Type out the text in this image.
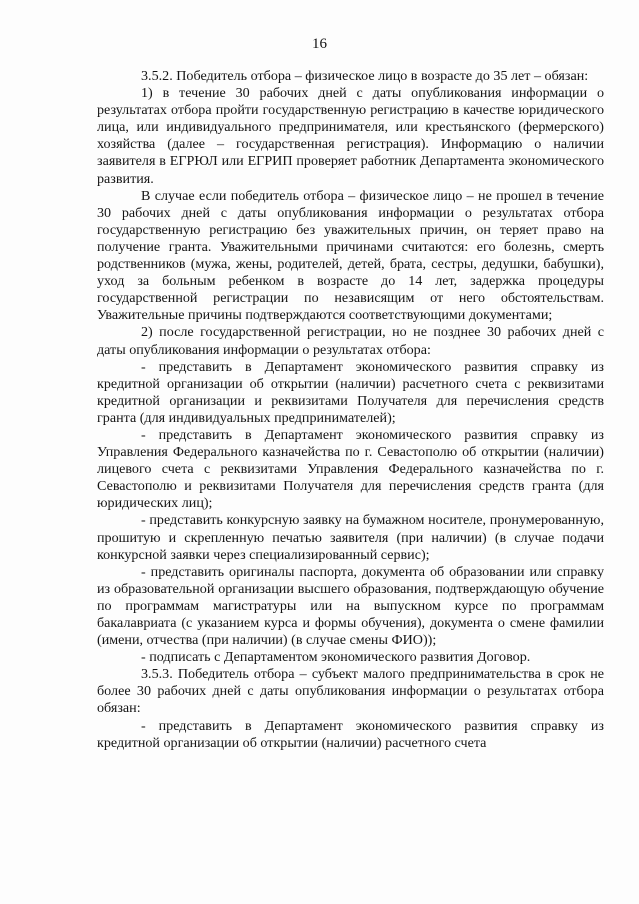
16

3.5.2. Победитель отбора – физическое лицо в возрасте до 35 лет – обязан:

1) в течение 30 рабочих дней с даты опубликования информации о результатах отбора пройти государственную регистрацию в качестве юридического лица, или индивидуального предпринимателя, или крестьянского (фермерского) хозяйства (далее – государственная регистрация). Информацию о наличии заявителя в ЕГРЮЛ или ЕГРИП проверяет работник Департамента экономического развития.

В случае если победитель отбора – физическое лицо – не прошел в течение 30 рабочих дней с даты опубликования информации о результатах отбора государственную регистрацию без уважительных причин, он теряет право на получение гранта. Уважительными причинами считаются: его болезнь, смерть родственников (мужа, жены, родителей, детей, брата, сестры, дедушки, бабушки), уход за больным ребенком в возрасте до 14 лет, задержка процедуры государственной регистрации по независящим от него обстоятельствам. Уважительные причины подтверждаются соответствующими документами;

2) после государственной регистрации, но не позднее 30 рабочих дней с даты опубликования информации о результатах отбора:

- представить в Департамент экономического развития справку из кредитной организации об открытии (наличии) расчетного счета с реквизитами кредитной организации и реквизитами Получателя для перечисления средств гранта (для индивидуальных предпринимателей);

- представить в Департамент экономического развития справку из Управления Федерального казначейства по г. Севастополю об открытии (наличии) лицевого счета с реквизитами Управления Федерального казначейства по г. Севастополю и реквизитами Получателя для перечисления средств гранта (для юридических лиц);

- представить конкурсную заявку на бумажном носителе, пронумерованную, прошитую и скрепленную печатью заявителя (при наличии) (в случае подачи конкурсной заявки через специализированный сервис);

- представить оригиналы паспорта, документа об образовании или справку из образовательной организации высшего образования, подтверждающую обучение по программам магистратуры или на выпускном курсе по программам бакалавриата (с указанием курса и формы обучения), документа о смене фамилии (имени, отчества (при наличии) (в случае смены ФИО));

- подписать с Департаментом экономического развития Договор.

3.5.3. Победитель отбора – субъект малого предпринимательства в срок не более 30 рабочих дней с даты опубликования информации о результатах отбора обязан:

- представить в Департамент экономического развития справку из кредитной организации об открытии (наличии) расчетного счета
